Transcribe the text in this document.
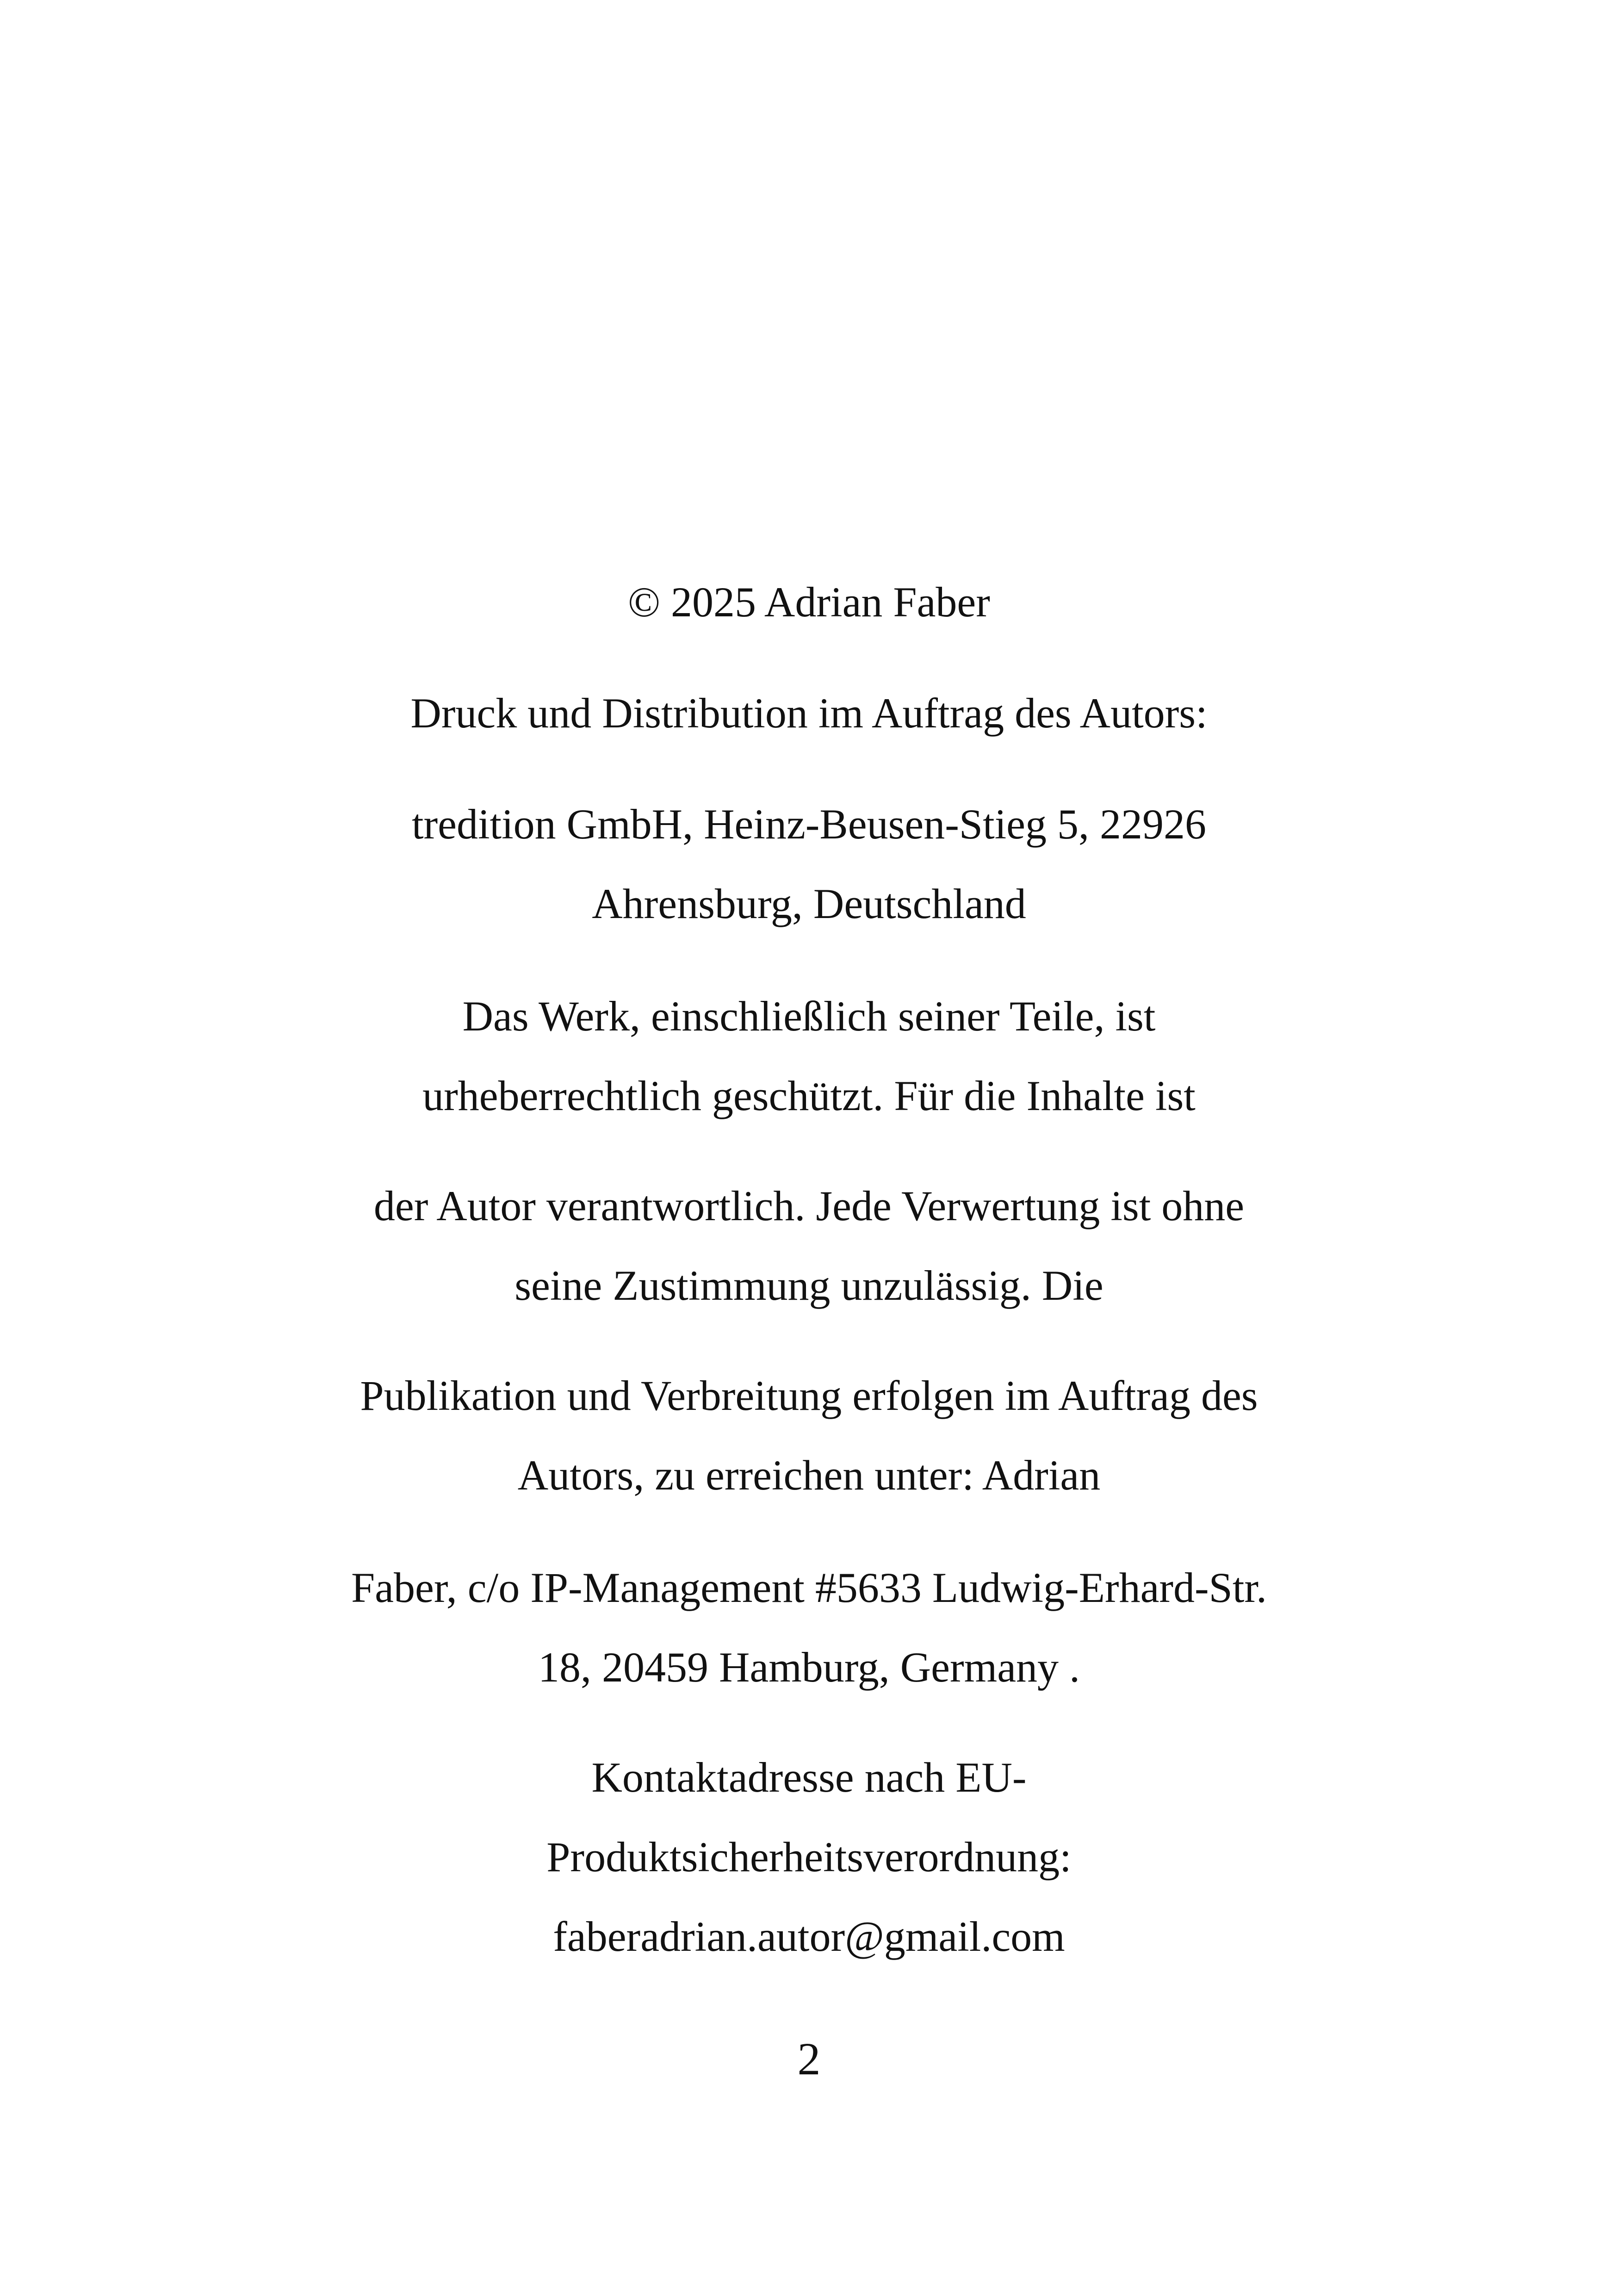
© 2025 Adrian Faber
Druck und Distribution im Auftrag des Autors:
tredition GmbH, Heinz-Beusen-Stieg 5, 22926
Ahrensburg, Deutschland
Das Werk, einschließlich seiner Teile, ist
urheberrechtlich geschützt. Für die Inhalte ist
der Autor verantwortlich. Jede Verwertung ist ohne
seine Zustimmung unzulässig. Die
Publikation und Verbreitung erfolgen im Auftrag des
Autors, zu erreichen unter: Adrian
Faber, c/o IP-Management #5633 Ludwig-Erhard-Str.
18, 20459 Hamburg, Germany .
Kontaktadresse nach EU-
Produktsicherheitsverordnung:
faberadrian.autor@gmail.com
2
